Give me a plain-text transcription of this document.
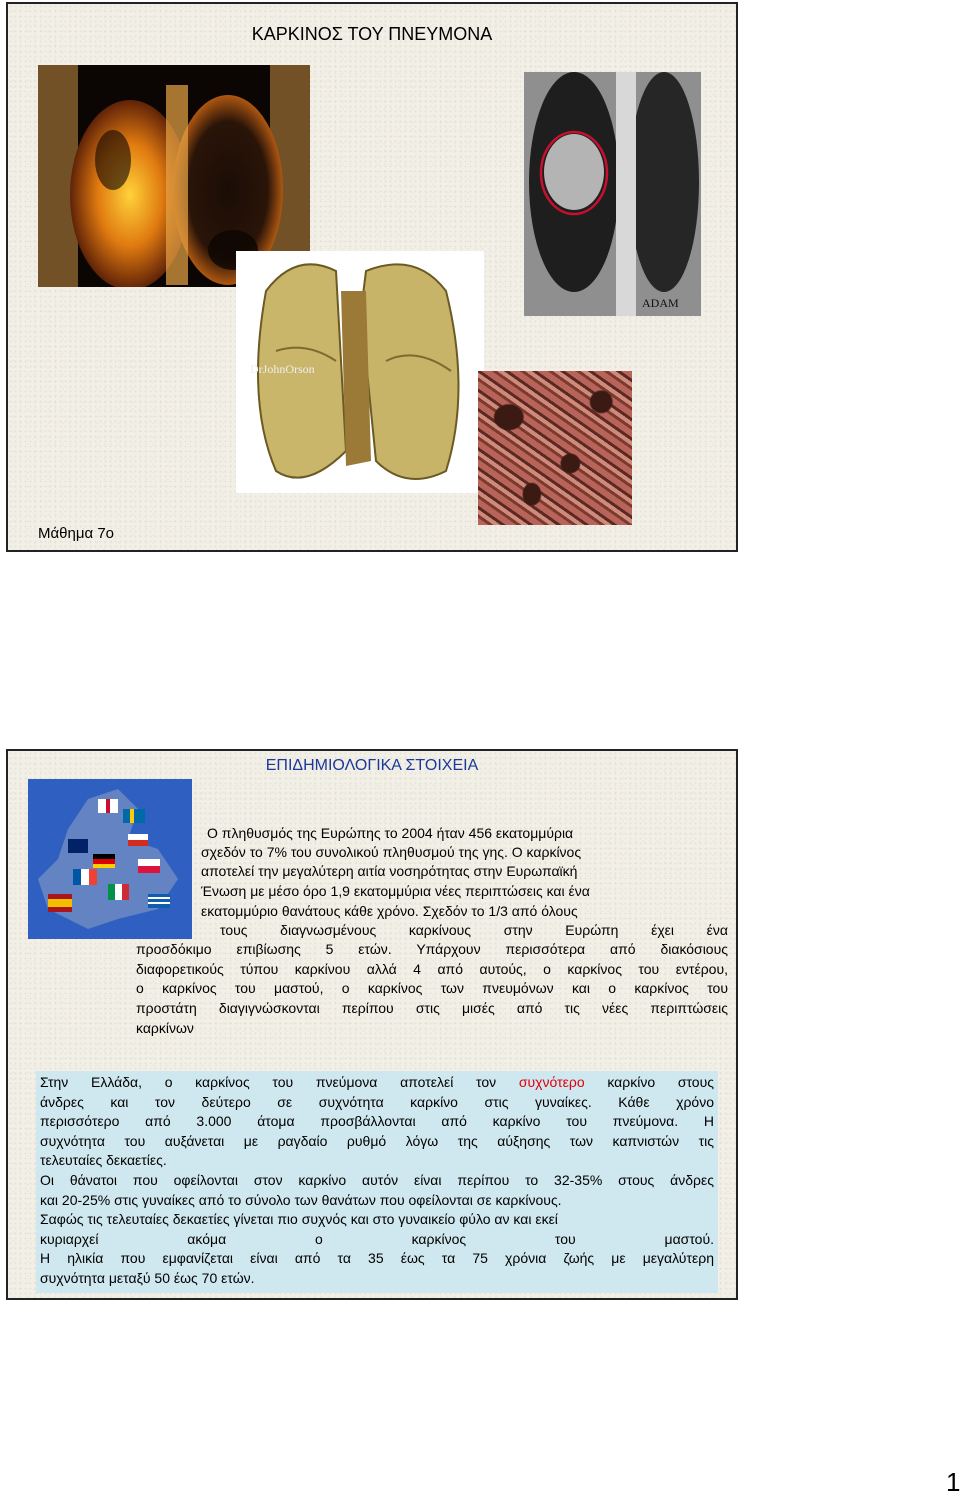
ΚΑΡΚΙΝΟΣ ΤΟΥ ΠΝΕΥΜΟΝΑ
ADAM
DrJohnOrson
Μάθημα 7ο
ΕΠΙΔΗΜΙΟΛΟΓΙΚΑ ΣΤΟΙΧΕΙΑ
Ο πληθυσμός της Ευρώπης το 2004 ήταν 456 εκατομμύρια
σχεδόν το 7% του συνολικού πληθυσμού της γης. Ο καρκίνος
αποτελεί την μεγαλύτερη αιτία νοσηρότητας στην Ευρωπαϊκή
Ένωση με μέσο όρο 1,9 εκατομμύρια νέες περιπτώσεις και ένα
εκατομμύριο θανάτους κάθε χρόνο. Σχεδόν το 1/3 από όλους
τους διαγνωσμένους καρκίνους στην Ευρώπη έχει ένα
προσδόκιμο επιβίωσης 5 ετών. Υπάρχουν περισσότερα από διακόσιους
διαφορετικούς τύπου καρκίνου αλλά 4 από αυτούς, ο καρκίνος του εντέρου,
ο καρκίνος του μαστού, ο καρκίνος των πνευμόνων και ο καρκίνος του
προστάτη διαγιγνώσκονται περίπου στις μισές από τις νέες περιπτώσεις
καρκίνων
Στην Ελλάδα, ο καρκίνος του πνεύμονα αποτελεί τον συχνότερο καρκίνο στους
άνδρες και τον δεύτερο σε συχνότητα καρκίνο στις γυναίκες. Κάθε χρόνο
περισσότερο από 3.000 άτομα προσβάλλονται από καρκίνο του πνεύμονα. Η
συχνότητα του αυξάνεται με ραγδαίο ρυθμό λόγω της αύξησης των καπνιστών τις
τελευταίες δεκαετίες.
Οι θάνατοι που οφείλονται στον καρκίνο αυτόν είναι περίπου το 32-35% στους άνδρες
και 20-25% στις γυναίκες από το σύνολο των θανάτων που οφείλονται σε καρκίνους.
Σαφώς τις τελευταίες δεκαετίες γίνεται πιο συχνός και στο γυναικείο φύλο αν και εκεί
κυριαρχεί ακόμα ο καρκίνος του μαστού.
Η ηλικία που εμφανίζεται είναι από τα 35 έως τα 75 χρόνια ζωής με μεγαλύτερη
συχνότητα μεταξύ 50 έως 70 ετών.
1
